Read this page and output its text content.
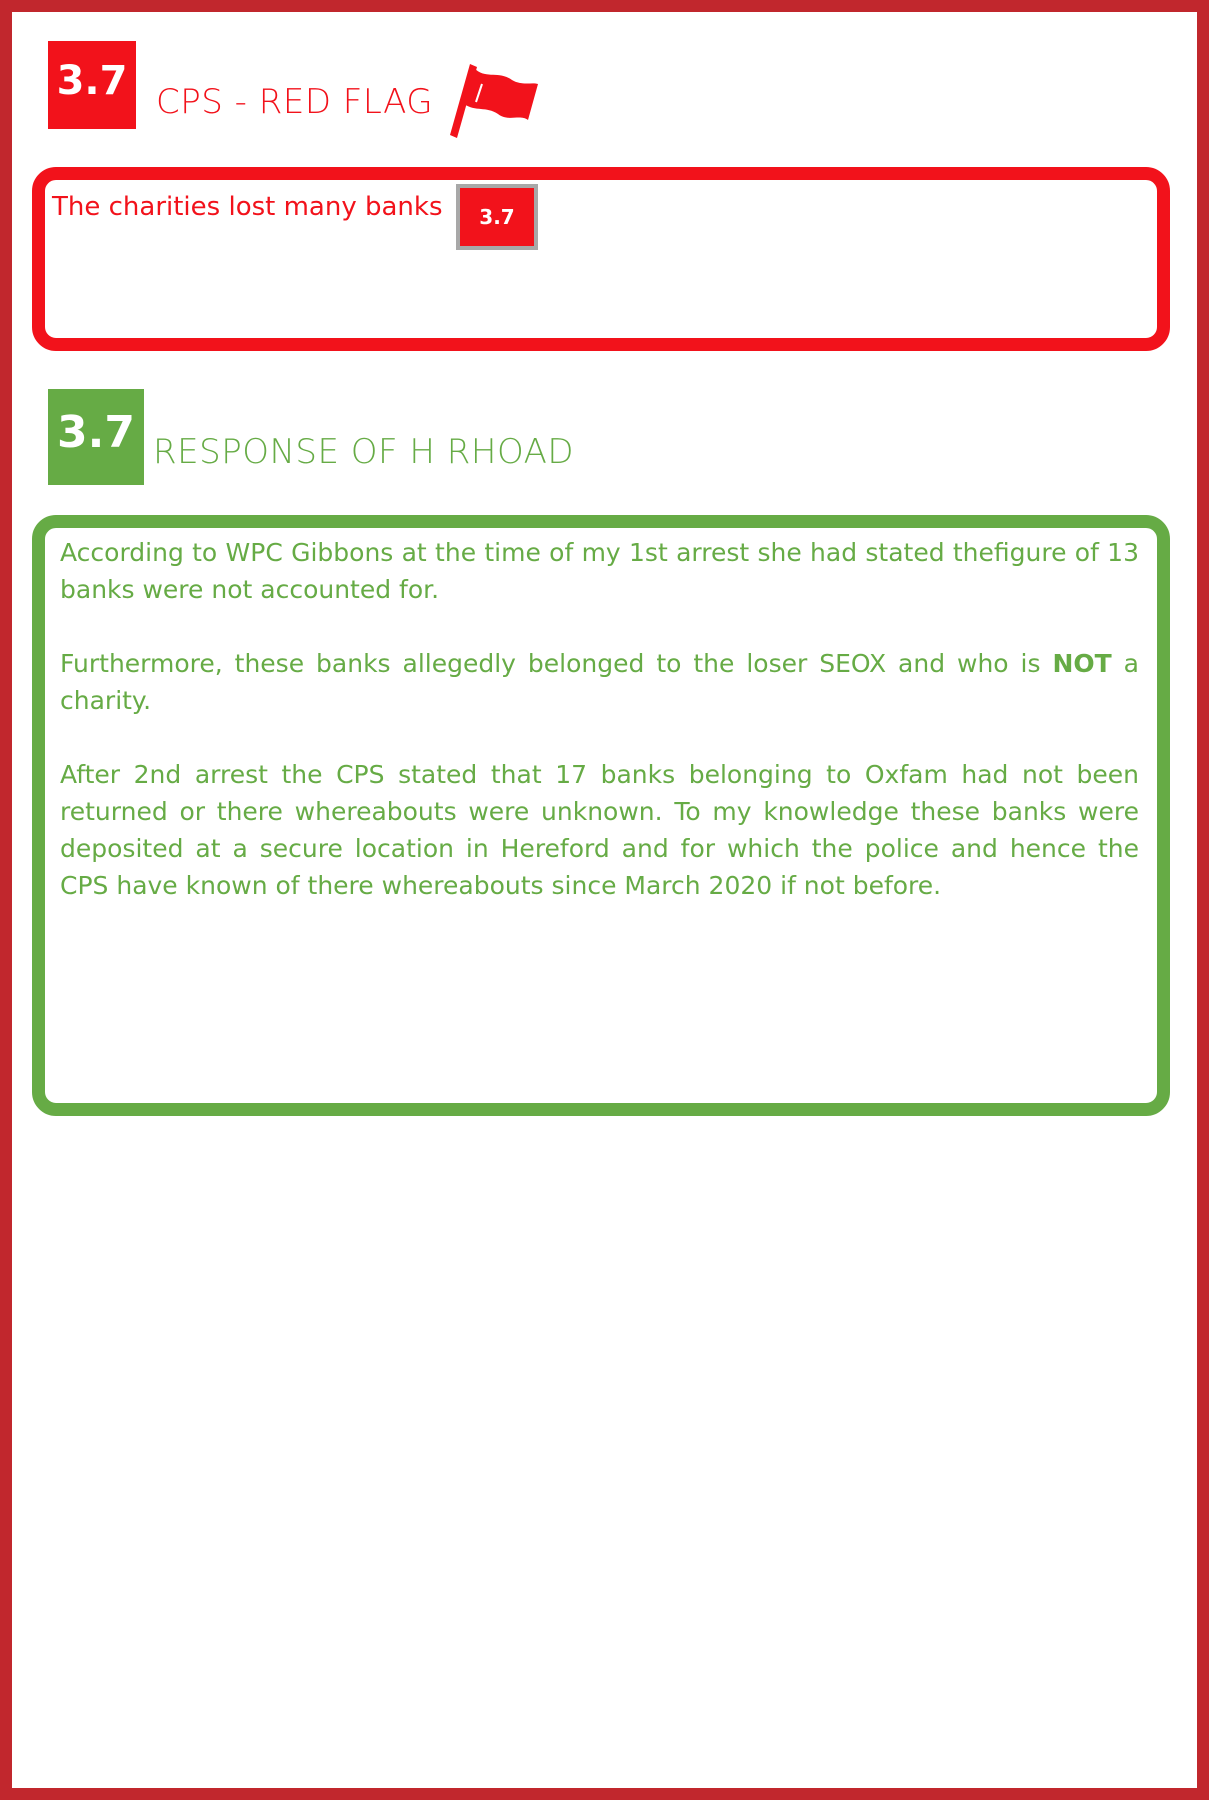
3.7 CPS - RED FLAG
The charities lost many banks	3.7
3.7 RESPONSE OF H RHOAD

According to WPC Gibbons at the time of my 1st arrest she had stated thefigure of 13 banks were not accounted for.

Furthermore, these banks allegedly belonged to the loser SEOX and who is NOT a charity.

After 2nd arrest the CPS stated that 17 banks belonging to Oxfam had not been returned or there whereabouts were unknown. To my knowledge these banks were deposited at a secure location in Hereford and for which the police and hence the CPS have known of there whereabouts since March 2020 if not before.
